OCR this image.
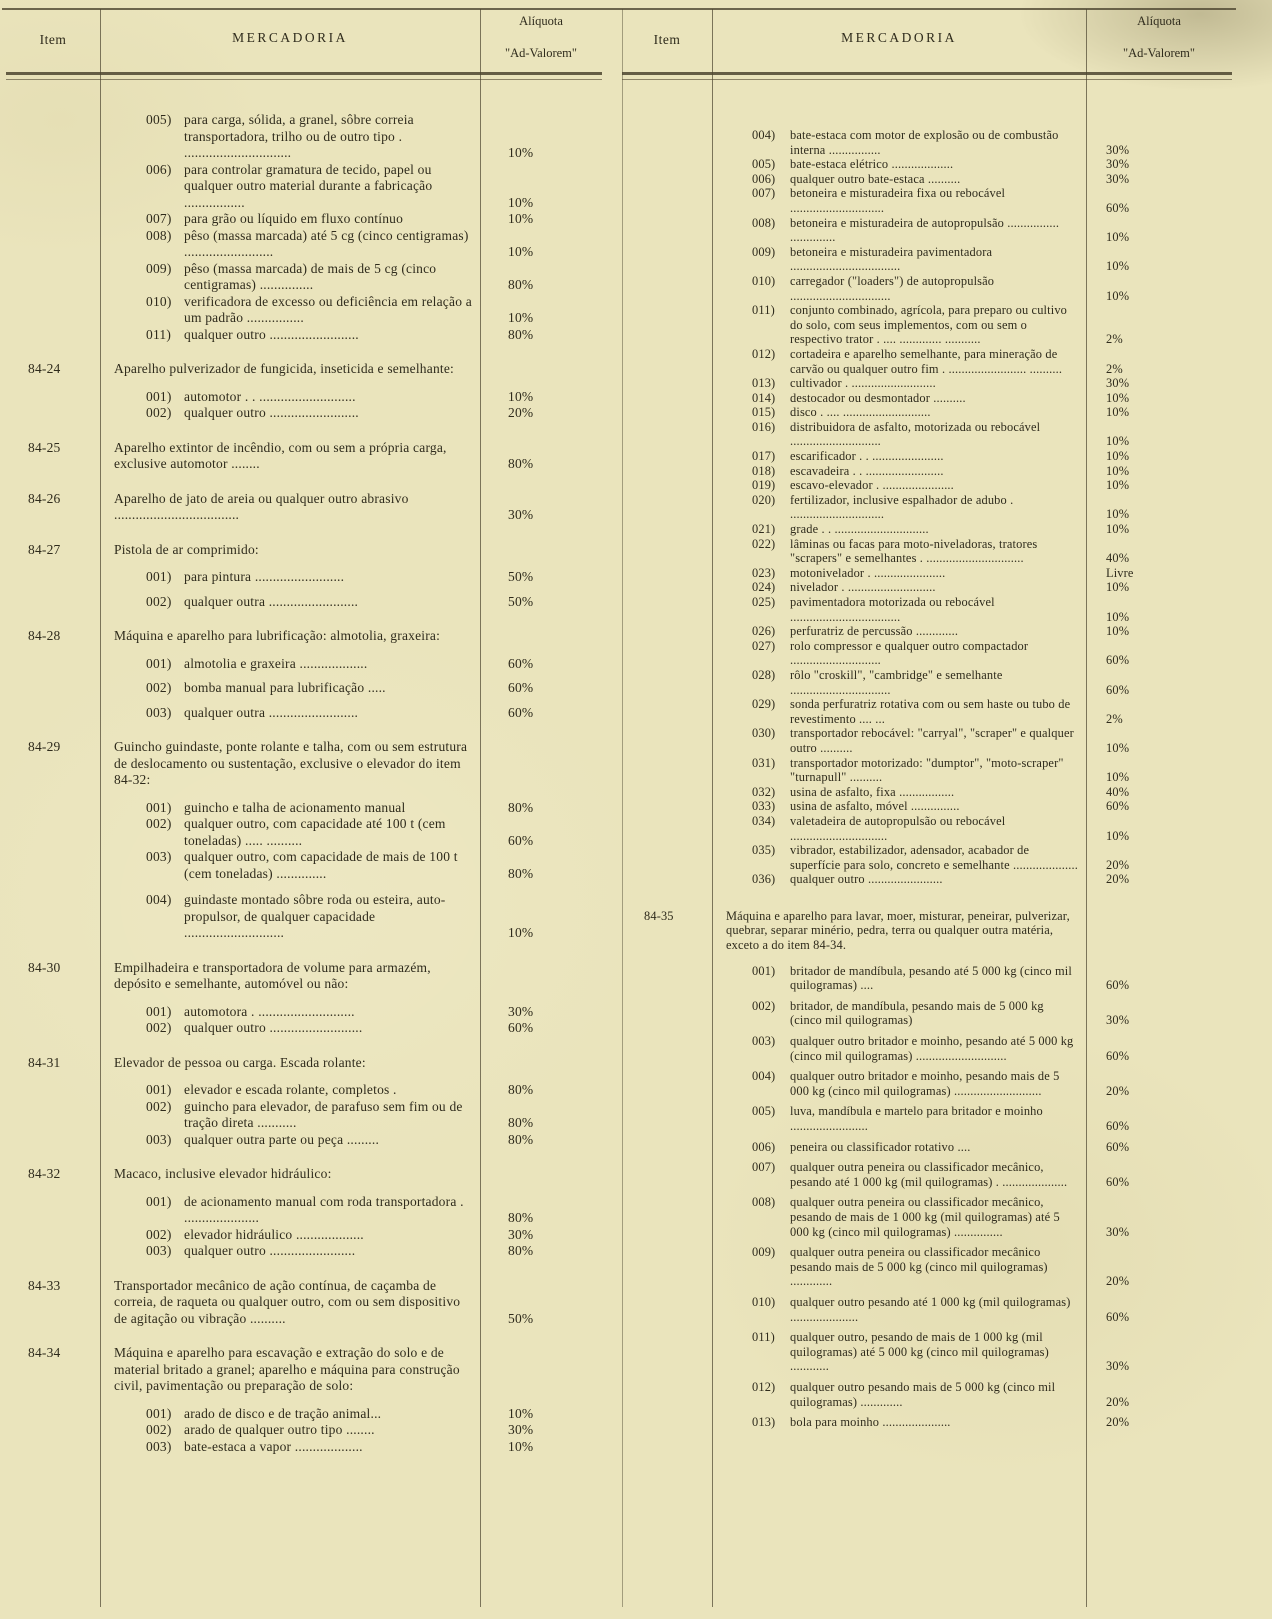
Item	MERCADORIA
Alíquota
"Ad-Valorem"
005) para carga, sólida, a granel, sôbre correia transportadora, trilho ou de outro tipo . ..............................	10%
006) para controlar gramatura de tecido, papel ou qualquer outro material durante a fabricação .................	10%
007) para grão ou líquido em fluxo contínuo	10%
008) pêso (massa marcada) até 5 cg (cinco centigramas) .........................	10%
009) pêso (massa marcada) de mais de 5 cg (cinco centigramas) ...............	80%
010) verificadora de excesso ou deficiência em relação a um padrão ................	10%
011) qualquer outro .........................	80%
84-24	Aparelho pulverizador de fungicida, inseticida e semelhante:
001) automotor . . ...........................	10%
002) qualquer outro .........................	20%
84-25	Aparelho extintor de incêndio, com ou sem a própria carga, exclusive automotor ........	80%
84-26	Aparelho de jato de areia ou qualquer outro abrasivo ...................................	30%
84-27	Pistola de ar comprimido:
001) para pintura .........................	50%
002) qualquer outra .........................	50%
84-28	Máquina e aparelho para lubrificação: almotolia, graxeira:
001) almotolia e graxeira ...................	60%
002) bomba manual para lubrificação .....	60%
003) qualquer outra .........................	60%
84-29	Guincho guindaste, ponte rolante e talha, com ou sem estrutura de deslocamento ou sustentação, exclusive o elevador do item 84-32:
001) guincho e talha de acionamento manual	80%
002) qualquer outro, com capacidade até 100 t (cem toneladas) ..... ..........	60%
003) qualquer outro, com capacidade de mais de 100 t (cem toneladas) ..............	80%
004) guindaste montado sôbre roda ou esteira, auto-propulsor, de qualquer capacidade ............................	10%
84-30	Empilhadeira e transportadora de volume para armazém, depósito e semelhante, automóvel ou não:
001) automotora . ...........................	30%
002) qualquer outro ..........................	60%
84-31	Elevador de pessoa ou carga. Escada rolante:
001) elevador e escada rolante, completos .	80%
002) guincho para elevador, de parafuso sem fim ou de tração direta ...........	80%
003) qualquer outra parte ou peça .........	80%
84-32	Macaco, inclusive elevador hidráulico:
001) de acionamento manual com roda transportadora . .....................	80%
002) elevador hidráulico ...................	30%
003) qualquer outro ........................	80%
84-33	Transportador mecânico de ação contínua, de caçamba de correia, de raqueta ou qualquer outro, com ou sem dispositivo de agitação ou vibração ..........	50%
84-34	Máquina e aparelho para escavação e extração do solo e de material britado a granel; aparelho e máquina para construção civil, pavimentação ou preparação de solo:
001) arado de disco e de tração animal...	10%
002) arado de qualquer outro tipo ........	30%
003) bate-estaca a vapor ...................	10%
Item	MERCADORIA
Alíquota
"Ad-Valorem"
004)	bate-estaca com motor de explosão ou de combustão interna ................	30%
005)	bate-estaca elétrico ...................	30%
006)	qualquer outro bate-estaca ..........	30%
007)	betoneira e misturadeira fixa ou rebocável .............................	60%
008)	betoneira e misturadeira de autopropulsão ................ ..............	10%
009)	betoneira e misturadeira pavimentadora ..................................	10%
010)	carregador ("loaders") de autopropulsão ...............................	10%
011)	conjunto combinado, agrícola, para preparo ou cultivo do solo, com seus implementos, com ou sem o respectivo trator . .... ............. ...........	2%
012)	cortadeira e aparelho semelhante, para mineração de carvão ou qualquer outro fim . ........................ ..........	2%
013)	cultivador . ..........................	30%
014)	destocador ou desmontador ..........	10%
015)	disco . .... ...........................	10%
016)	distribuidora de asfalto, motorizada ou rebocável ............................	10%
017)	escarificador . . ......................	10%
018)	escavadeira . . ........................	10%
019)	escavo-elevador . ......................	10%
020)	fertilizador, inclusive espalhador de adubo . .............................	10%
021)	grade . . .............................	10%
022)	lâminas ou facas para moto-niveladoras, tratores "scrapers" e semelhantes . ..............................	40%
023)	motonivelador . ......................	Livre
024)	nivelador . ...........................	10%
025)	pavimentadora motorizada ou rebocável ..................................	10%
026)	perfuratriz de percussão .............	10%
027)	rolo compressor e qualquer outro compactador ............................	60%
028)	rôlo "croskill", "cambridge" e semelhante ...............................	60%
029)	sonda perfuratriz rotativa com ou sem haste ou tubo de revestimento .... ...	2%
030)	transportador rebocável: "carryal", "scraper" e qualquer outro ..........	10%
031)	transportador motorizado: "dumptor", "moto-scraper" "turnapull" ..........	10%
032)	usina de asfalto, fixa .................	40%
033)	usina de asfalto, móvel ...............	60%
034)	valetadeira de autopropulsão ou rebocável ..............................	10%
035)	vibrador, estabilizador, adensador, acabador de superfície para solo, concreto e semelhante ....................	20%
036)	qualquer outro .......................	20%
84-35	Máquina e aparelho para lavar, moer, misturar, peneirar, pulverizar, quebrar, separar minério, pedra, terra ou qualquer outra matéria, exceto a do item 84-34.
001)	britador de mandíbula, pesando até 5 000 kg (cinco mil quilogramas) ....	60%
002)	britador, de mandíbula, pesando mais de 5 000 kg (cinco mil quilogramas)	30%
003)	qualquer outro britador e moinho, pesando até 5 000 kg (cinco mil quilogramas) ............................	60%
004)	qualquer outro britador e moinho, pesando mais de 5 000 kg (cinco mil quilogramas) ...........................	20%
005)	luva, mandíbula e martelo para britador e moinho ........................	60%
006)	peneira ou classificador rotativo ....	60%
007)	qualquer outra peneira ou classificador mecânico, pesando até 1 000 kg (mil quilogramas) . ....................	60%
008)	qualquer outra peneira ou classificador mecânico, pesando de mais de 1 000 kg (mil quilogramas) até 5 000 kg (cinco mil quilogramas) ...............	30%
009)	qualquer outra peneira ou classificador mecânico pesando mais de 5 000 kg (cinco mil quilogramas) .............	20%
010)	qualquer outro pesando até 1 000 kg (mil quilogramas) .....................	60%
011)	qualquer outro, pesando de mais de 1 000 kg (mil quilogramas) até 5 000 kg (cinco mil quilogramas) ............	30%
012)	qualquer outro pesando mais de 5 000 kg (cinco mil quilogramas) .............	20%
013)	bola para moinho .....................	20%
